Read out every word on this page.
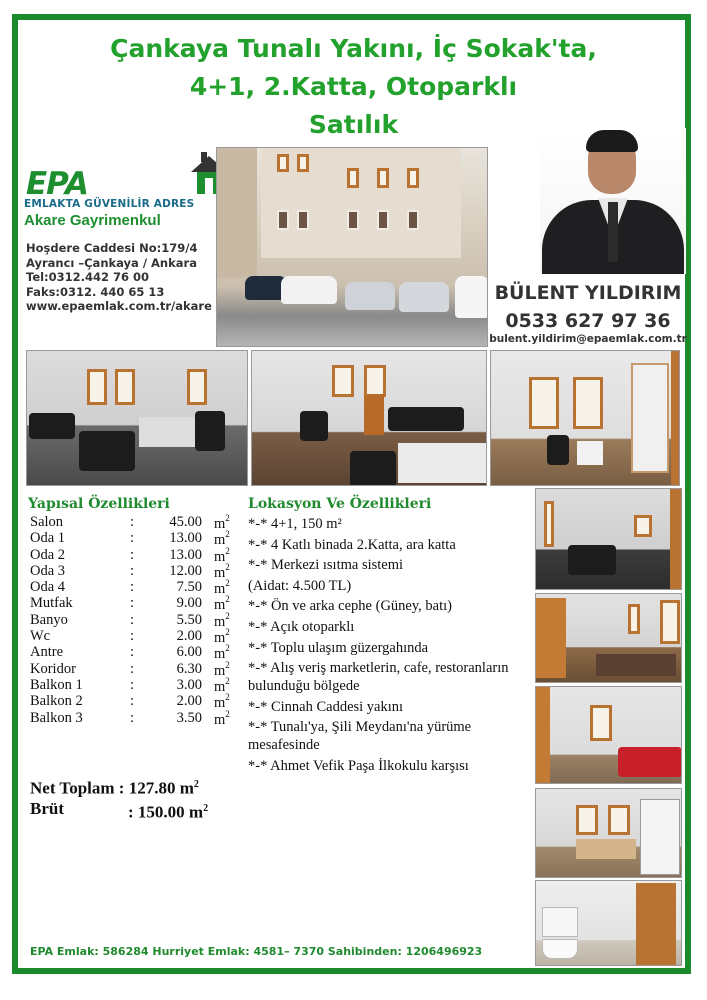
Çankaya Tunalı Yakını, İç Sokak'ta,
4+1, 2.Katta, Otoparklı
Satılık
EPA
EMLAKTA GÜVENİLİR ADRES
Akare Gayrimenkul
Hoşdere Caddesi No:179/4
Ayrancı –Çankaya / Ankara
Tel:0312.442 76 00
Faks:0312. 440 65 13
www.epaemlak.com.tr/akare
BÜLENT YILDIRIM
0533 627 97 36
bulent.yildirim@epaemlak.com.tr
Yapısal Özellikleri
Salon	:	45.00 $m^2$
Oda 1	:	13.00 $m^2$
Oda 2	:	13.00 $m^2$
Oda 3	:	12.00 $m^2$
Oda 4	:	7.50 $m^2$
Mutfak	:	9.00 $m^2$
Banyo	:	5.50 $m^2$
Wc	:	2.00 $m^2$
Antre	:	6.00 $m^2$
Koridor	:	6.30 $m^2$
Balkon 1	:	3.00 $m^2$
Balkon 2	:	2.00 $m^2$
Balkon 3	:	3.50 $m^2$
Net Toplam : 127.80 $m^2$
Brüt	: 150.00 $m^2$
Lokasyon Ve Özellikleri
*-* 4+1, 150 m²
*-* 4 Katlı binada 2.Katta, ara katta
*-* Merkezi ısıtma sistemi
(Aidat: 4.500 TL)
*-* Ön ve arka cephe (Güney, batı)
*-* Açık otoparklı
*-* Toplu ulaşım güzergahında
*-* Alış veriş marketlerin, cafe, restoranların bulunduğu bölgede
*-* Cinnah Caddesi yakını
*-* Tunalı'ya, Şili Meydanı'na yürüme mesafesinde
*-* Ahmet Vefik Paşa İlkokulu karşısı
EPA Emlak: 586284 Hurriyet Emlak: 4581– 7370 Sahibinden: 1206496923
